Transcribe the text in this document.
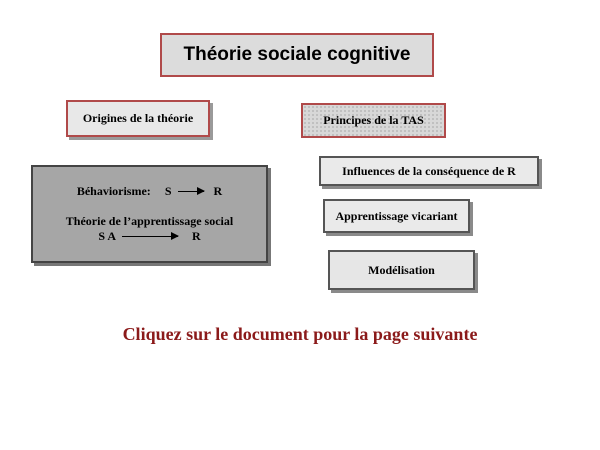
Théorie sociale cognitive
Origines de la théorie	Principes de la TAS
Béhaviorisme: S	R
Théorie de l’apprentissage social
S A	R
Influences de la conséquence de R
Apprentissage vicariant
Modélisation
Cliquez sur le document pour la page suivante
